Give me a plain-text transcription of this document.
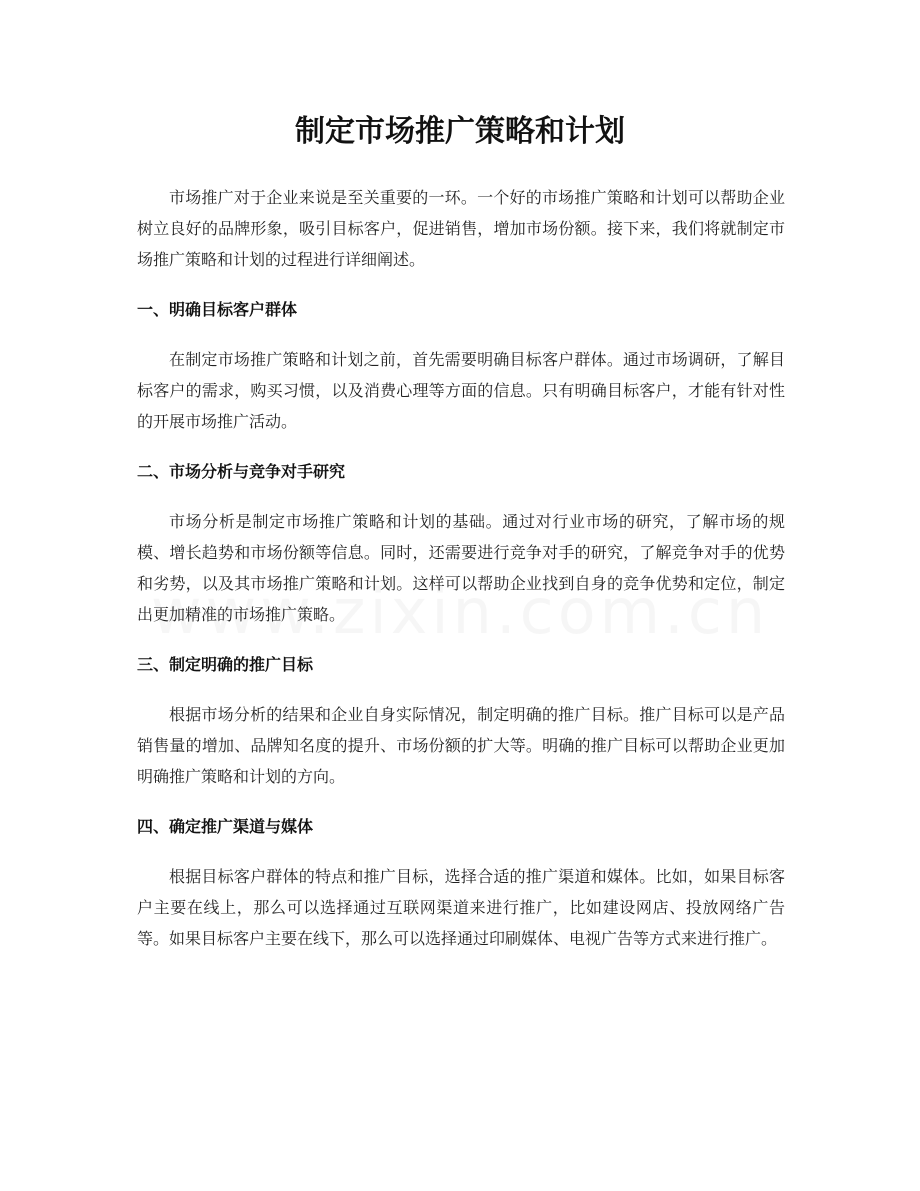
制定市场推广策略和计划

市场推广对于企业来说是至关重要的一环。一个好的市场推广策略和计划可以帮助企业树立良好的品牌形象，吸引目标客户，促进销售，增加市场份额。接下来，我们将就制定市场推广策略和计划的过程进行详细阐述。

一、明确目标客户群体

在制定市场推广策略和计划之前，首先需要明确目标客户群体。通过市场调研，了解目标客户的需求，购买习惯，以及消费心理等方面的信息。只有明确目标客户，才能有针对性的开展市场推广活动。

二、市场分析与竞争对手研究

市场分析是制定市场推广策略和计划的基础。通过对行业市场的研究，了解市场的规模、增长趋势和市场份额等信息。同时，还需要进行竞争对手的研究，了解竞争对手的优势和劣势，以及其市场推广策略和计划。这样可以帮助企业找到自身的竞争优势和定位，制定出更加精准的市场推广策略。

三、制定明确的推广目标

根据市场分析的结果和企业自身实际情况，制定明确的推广目标。推广目标可以是产品销售量的增加、品牌知名度的提升、市场份额的扩大等。明确的推广目标可以帮助企业更加明确推广策略和计划的方向。

四、确定推广渠道与媒体

根据目标客户群体的特点和推广目标，选择合适的推广渠道和媒体。比如，如果目标客户主要在线上，那么可以选择通过互联网渠道来进行推广，比如建设网店、投放网络广告等。如果目标客户主要在线下，那么可以选择通过印刷媒体、电视广告等方式来进行推广。
